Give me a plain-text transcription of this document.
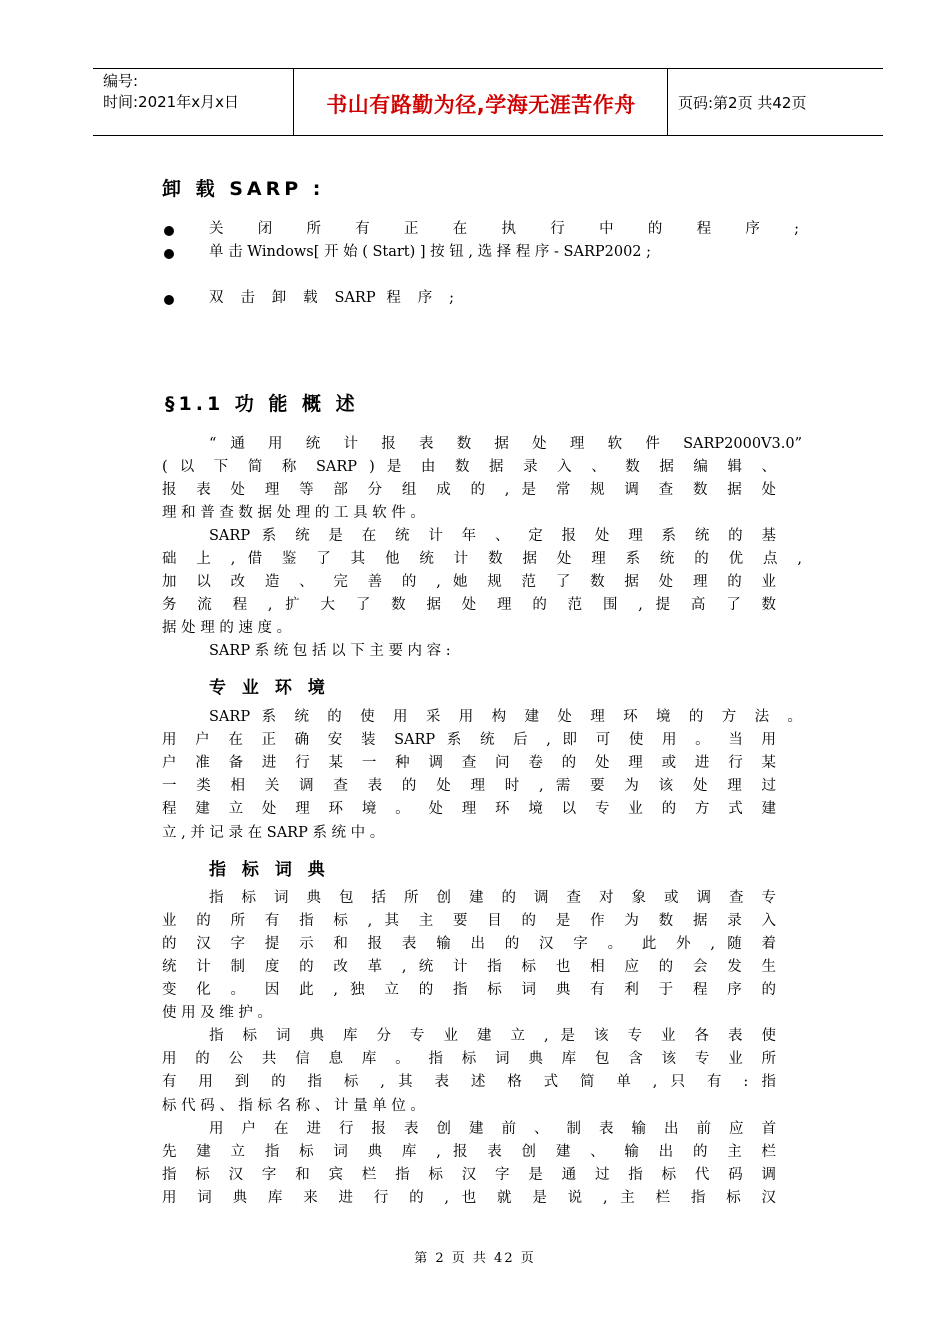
编号:
时间:2021年x月x日	书山有路勤为径,学海无涯苦作舟	页码:第2页 共42页
卸 载 SARP :
关 闭 所 有 正 在 执 行 中 的 程 序 ;
单 击 Windows[ 开 始 ( Start) ] 按 钮 , 选 择 程 序 - SARP2002 ;
双 击 卸 载 SARP 程 序 ;
§1.1 功 能 概 述
“ 通 用 统 计 报 表 数 据 处 理 软 件 SARP2000V3.0”
( 以 下 简 称 SARP ) 是 由 数 据 录 入 、 数 据 编 辑 、
报 表 处 理 等 部 分 组 成 的 , 是 常 规 调 查 数 据 处
理 和 普 查 数 据 处 理 的 工 具 软 件 。
SARP 系 统 是 在 统 计 年 、 定 报 处 理 系 统 的 基
础 上 , 借 鉴 了 其 他 统 计 数 据 处 理 系 统 的 优 点 ,
加 以 改 造 、 完 善 的 , 她 规 范 了 数 据 处 理 的 业
务 流 程 , 扩 大 了 数 据 处 理 的 范 围 , 提 高 了 数
据 处 理 的 速 度 。
SARP 系 统 包 括 以 下 主 要 内 容 :
专 业 环 境
SARP 系 统 的 使 用 采 用 构 建 处 理 环 境 的 方 法 。
用 户 在 正 确 安 装 SARP 系 统 后 , 即 可 使 用 。 当 用
户 准 备 进 行 某 一 种 调 查 问 卷 的 处 理 或 进 行 某
一 类 相 关 调 查 表 的 处 理 时 , 需 要 为 该 处 理 过
程 建 立 处 理 环 境 。 处 理 环 境 以 专 业 的 方 式 建
立 , 并 记 录 在 SARP 系 统 中 。
指 标 词 典
指 标 词 典 包 括 所 创 建 的 调 查 对 象 或 调 查 专
业 的 所 有 指 标 , 其 主 要 目 的 是 作 为 数 据 录 入
的 汉 字 提 示 和 报 表 输 出 的 汉 字 。 此 外 , 随 着
统 计 制 度 的 改 革 , 统 计 指 标 也 相 应 的 会 发 生
变 化 。 因 此 , 独 立 的 指 标 词 典 有 利 于 程 序 的
使 用 及 维 护 。
指 标 词 典 库 分 专 业 建 立 , 是 该 专 业 各 表 使
用 的 公 共 信 息 库 。 指 标 词 典 库 包 含 该 专 业 所
有 用 到 的 指 标 , 其 表 述 格 式 简 单 , 只 有 : 指
标 代 码 、 指 标 名 称 、 计 量 单 位 。
用 户 在 进 行 报 表 创 建 前 、 制 表 输 出 前 应 首
先 建 立 指 标 词 典 库 , 报 表 创 建 、 输 出 的 主 栏
指 标 汉 字 和 宾 栏 指 标 汉 字 是 通 过 指 标 代 码 调
用 词 典 库 来 进 行 的 , 也 就 是 说 , 主 栏 指 标 汉
第 2 页 共 42 页
